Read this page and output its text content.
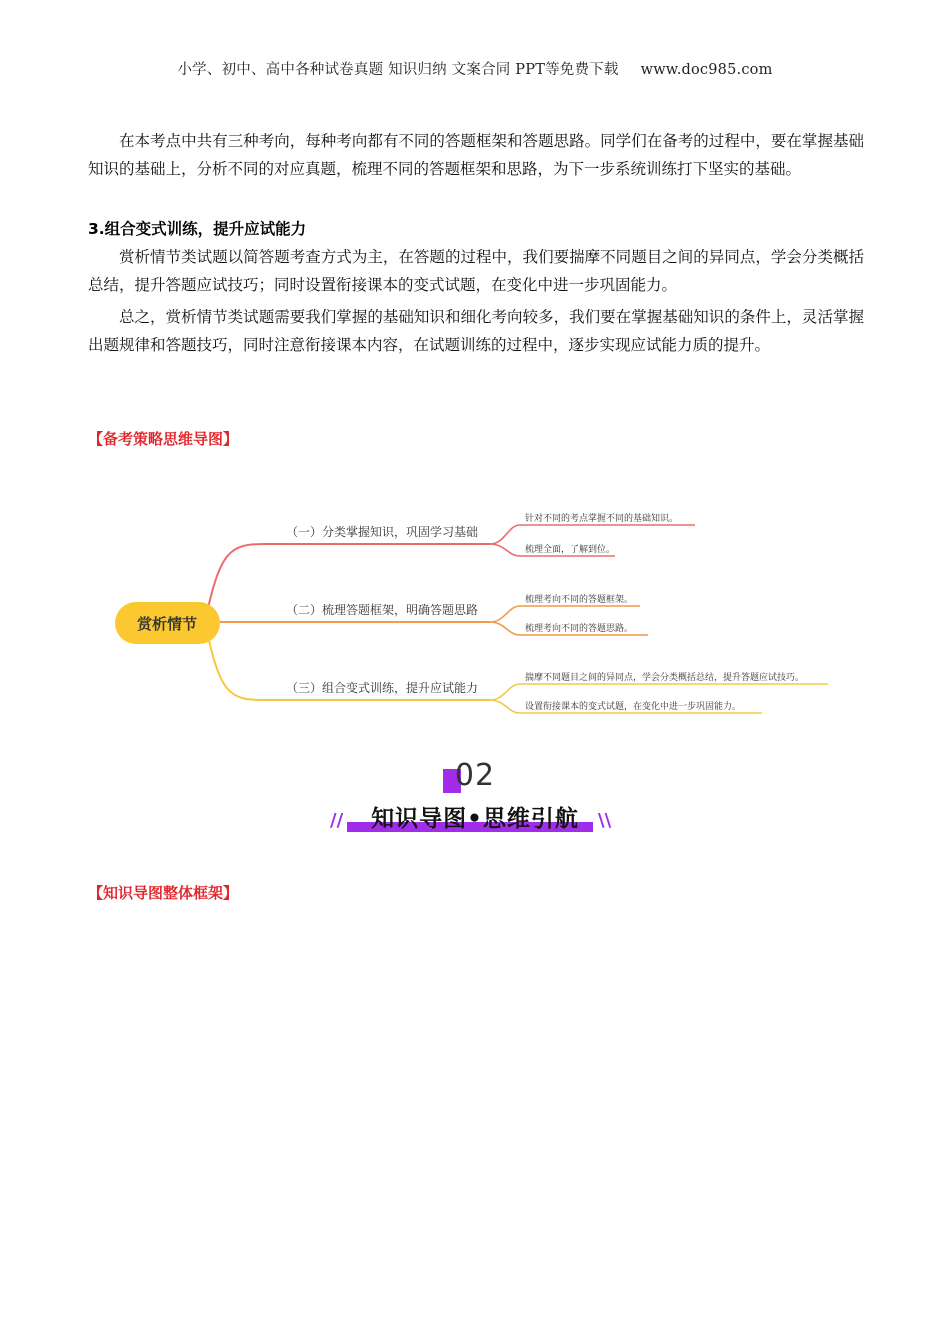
小学、初中、高中各种试卷真题 知识归纳 文案合同 PPT等免费下载 www.doc985.com

在本考点中共有三种考向，每种考向都有不同的答题框架和答题思路。同学们在备考的过程中，要在掌握基础知识的基础上，分析不同的对应真题，梳理不同的答题框架和思路，为下一步系统训练打下坚实的基础。

3.组合变式训练，提升应试能力

赏析情节类试题以简答题考查方式为主，在答题的过程中，我们要揣摩不同题目之间的异同点，学会分类概括总结，提升答题应试技巧；同时设置衔接课本的变式试题，在变化中进一步巩固能力。

总之，赏析情节类试题需要我们掌握的基础知识和细化考向较多，我们要在掌握基础知识的条件上，灵活掌握出题规律和答题技巧，同时注意衔接课本内容，在试题训练的过程中，逐步实现应试能力质的提升。

【备考策略思维导图】

赏析情节
（一）分类掌握知识，巩固学习基础
（二）梳理答题框架，明确答题思路
（三）组合变式训练，提升应试能力
针对不同的考点掌握不同的基础知识。
梳理全面，了解到位。
梳理考向不同的答题框架。
梳理考向不同的答题思路。
揣摩不同题目之间的异同点，学会分类概括总结，提升答题应试技巧。
设置衔接课本的变式试题，在变化中进一步巩固能力。
02
// 知识导图•思维引航 \\

【知识导图整体框架】
